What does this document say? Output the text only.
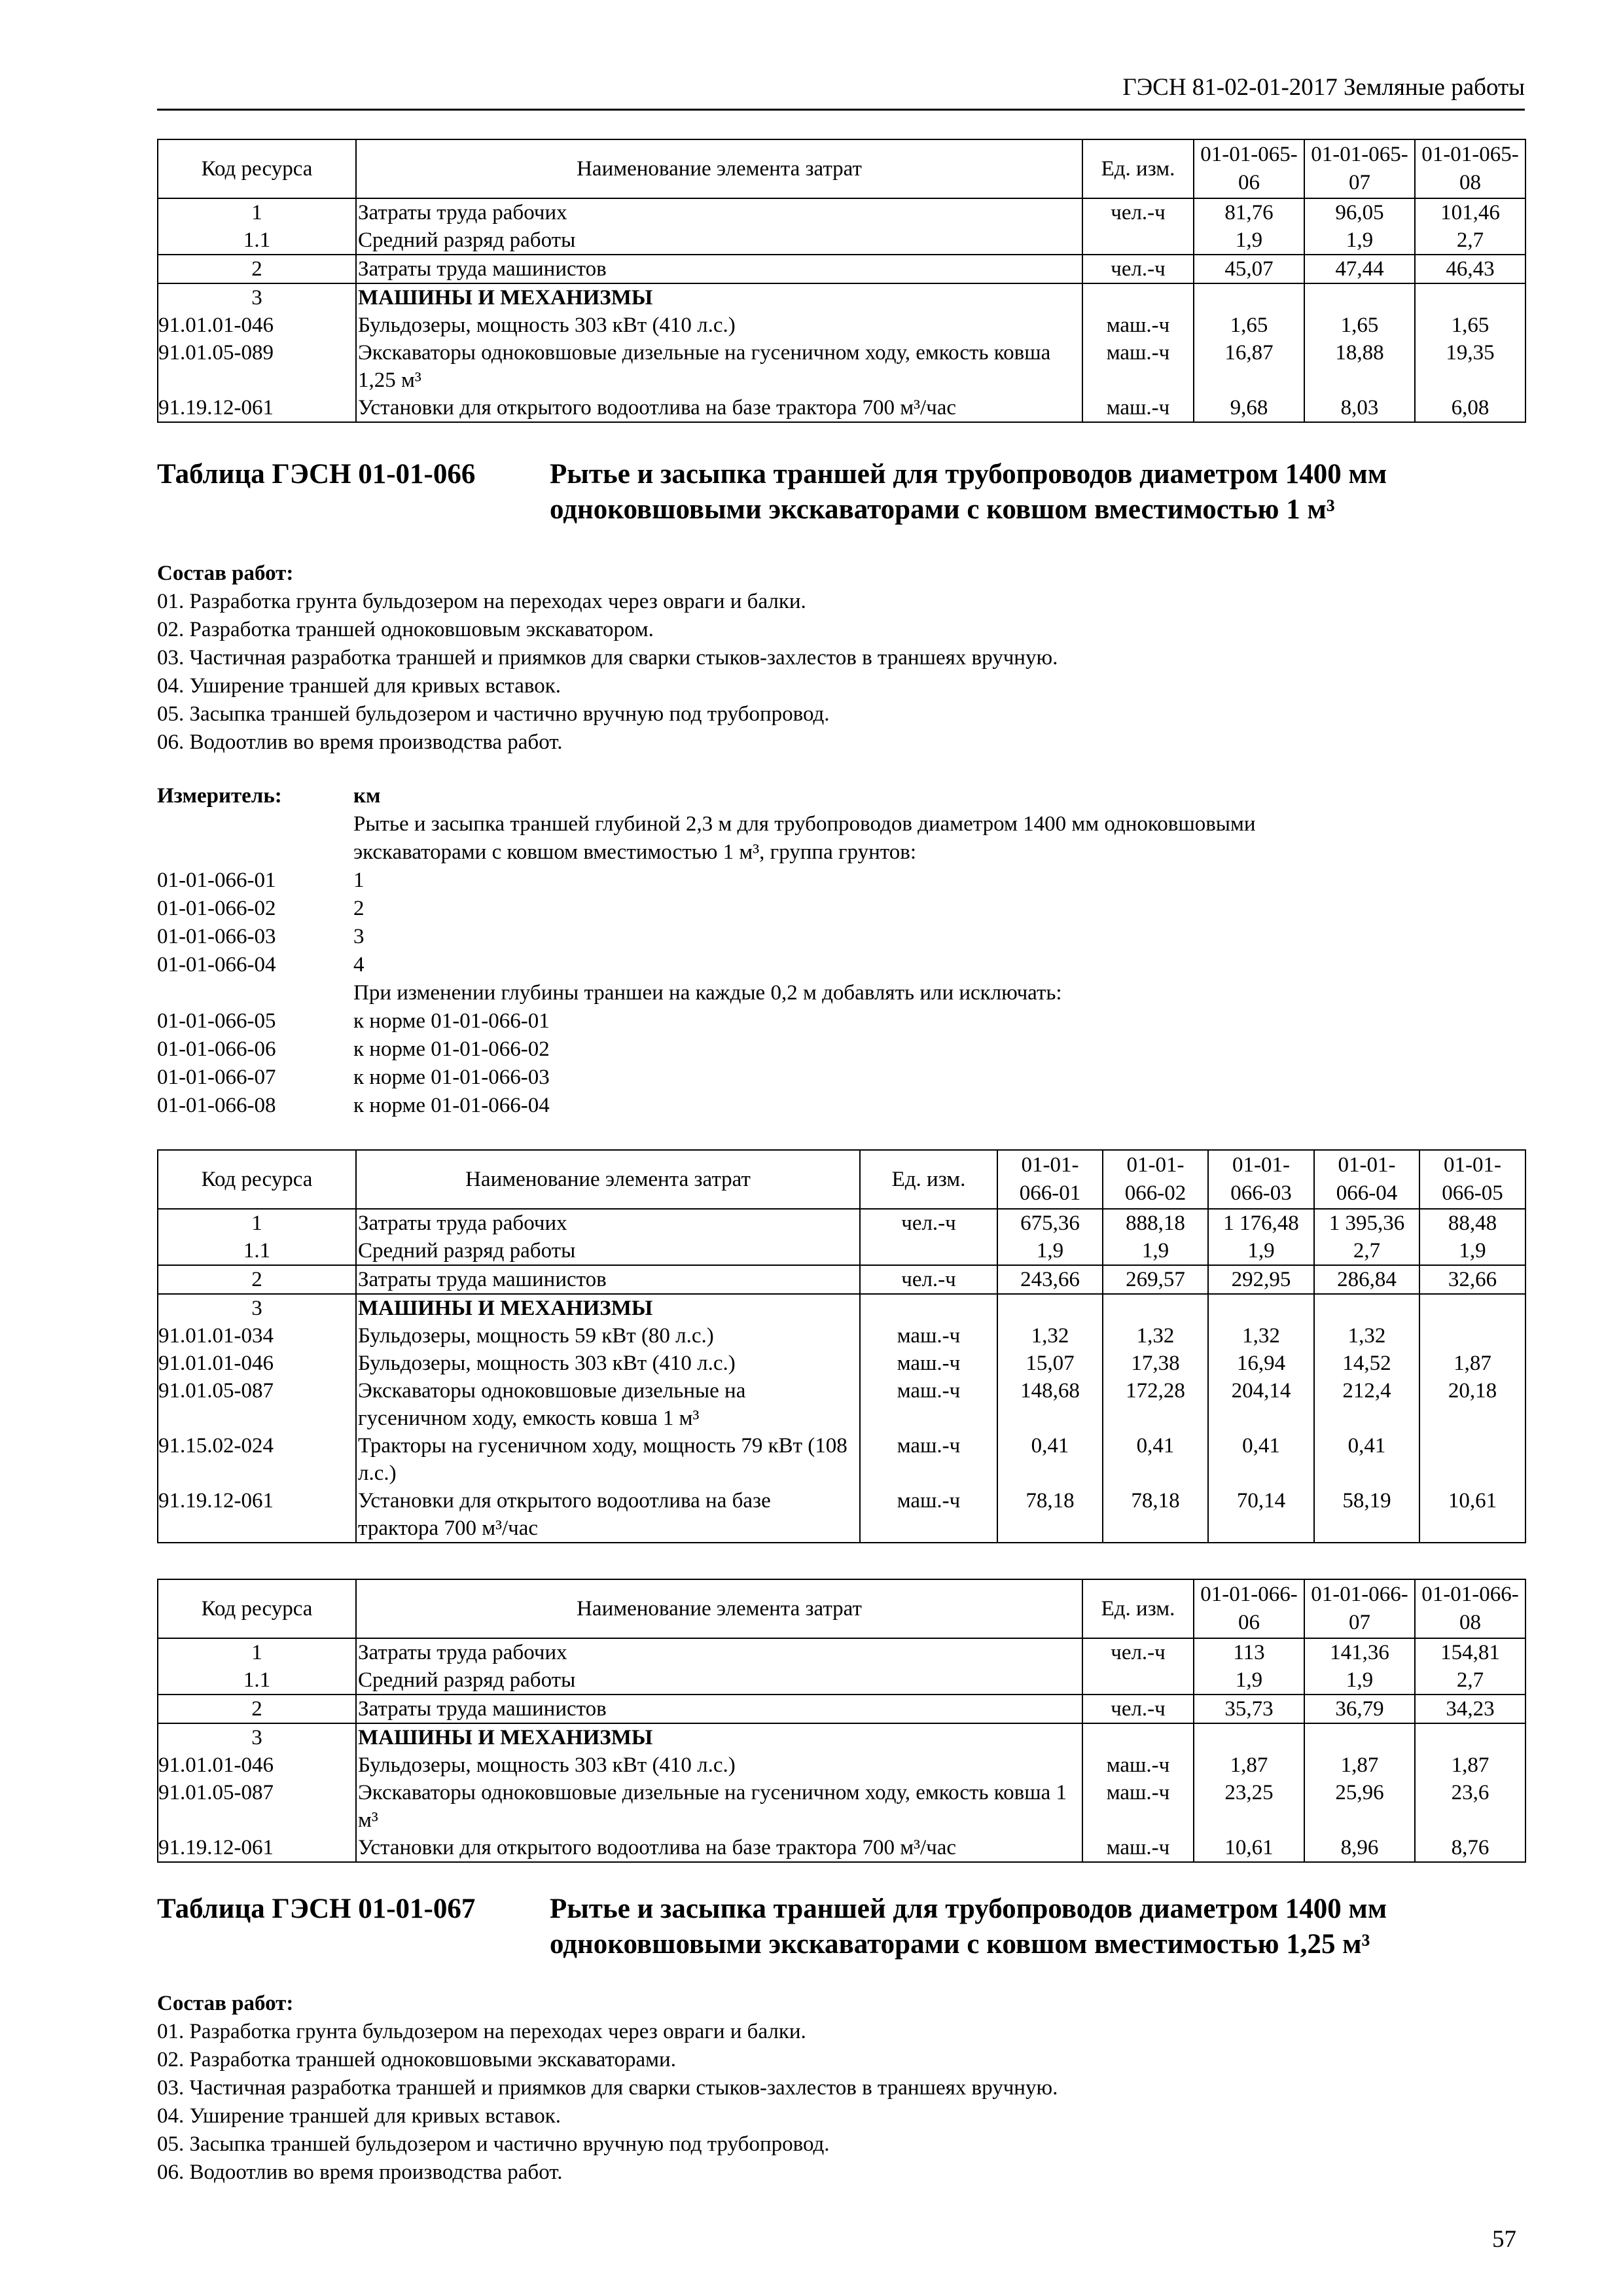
ГЭСН 81-02-01-2017 Земляные работы
Код ресурса	Наименование элемента затрат	Ед. изм.	01-01-065-06	01-01-065-07	01-01-065-08
1	Затраты труда рабочих	чел.-ч	81,76	96,05	101,46
1.1	Средний разряд работы		1,9	1,9	2,7
2	Затраты труда машинистов	чел.-ч	45,07	47,44	46,43
3	МАШИНЫ И МЕХАНИЗМЫ				
91.01.01-046	Бульдозеры, мощность 303 кВт (410 л.с.)	маш.-ч	1,65	1,65	1,65
91.01.05-089	Экскаваторы одноковшовые дизельные на гусеничном ходу, емкость ковша 1,25 м³	маш.-ч	16,87	18,88	19,35
91.19.12-061	Установки для открытого водоотлива на базе трактора 700 м³/час	маш.-ч	9,68	8,03	6,08
Таблица ГЭСН 01-01-066	Рытье и засыпка траншей для трубопроводов диаметром 1400 мм
одноковшовыми экскаваторами с ковшом вместимостью 1 м³
Состав работ:
01. Разработка грунта бульдозером на переходах через овраги и балки.
02. Разработка траншей одноковшовым экскаватором.
03. Частичная разработка траншей и приямков для сварки стыков-захлестов в траншеях вручную.
04. Уширение траншей для кривых вставок.
05. Засыпка траншей бульдозером и частично вручную под трубопровод.
06. Водоотлив во время производства работ.
Измеритель:	км
Рытье и засыпка траншей глубиной 2,3 м для трубопроводов диаметром 1400 мм одноковшовыми
экскаваторами с ковшом вместимостью 1 м³, группа грунтов:
01-01-066-01	1
01-01-066-02	2
01-01-066-03	3
01-01-066-04	4
При изменении глубины траншеи на каждые 0,2 м добавлять или исключать:
01-01-066-05	к норме 01-01-066-01
01-01-066-06	к норме 01-01-066-02
01-01-066-07	к норме 01-01-066-03
01-01-066-08	к норме 01-01-066-04
Код ресурса	Наименование элемента затрат	Ед. изм.	01-01-066-01	01-01-066-02	01-01-066-03	01-01-066-04	01-01-066-05
1	Затраты труда рабочих	чел.-ч	675,36	888,18	1 176,48	1 395,36	88,48
1.1	Средний разряд работы		1,9	1,9	1,9	2,7	1,9
2	Затраты труда машинистов	чел.-ч	243,66	269,57	292,95	286,84	32,66
3	МАШИНЫ И МЕХАНИЗМЫ						
91.01.01-034	Бульдозеры, мощность 59 кВт (80 л.с.)	маш.-ч	1,32	1,32	1,32	1,32	
91.01.01-046	Бульдозеры, мощность 303 кВт (410 л.с.)	маш.-ч	15,07	17,38	16,94	14,52	1,87
91.01.05-087	Экскаваторы одноковшовые дизельные на гусеничном ходу, емкость ковша 1 м³	маш.-ч	148,68	172,28	204,14	212,4	20,18
91.15.02-024	Тракторы на гусеничном ходу, мощность 79 кВт (108 л.с.)	маш.-ч	0,41	0,41	0,41	0,41	
91.19.12-061	Установки для открытого водоотлива на базе трактора 700 м³/час	маш.-ч	78,18	78,18	70,14	58,19	10,61
Код ресурса	Наименование элемента затрат	Ед. изм.	01-01-066-06	01-01-066-07	01-01-066-08
1	Затраты труда рабочих	чел.-ч	113	141,36	154,81
1.1	Средний разряд работы		1,9	1,9	2,7
2	Затраты труда машинистов	чел.-ч	35,73	36,79	34,23
3	МАШИНЫ И МЕХАНИЗМЫ				
91.01.01-046	Бульдозеры, мощность 303 кВт (410 л.с.)	маш.-ч	1,87	1,87	1,87
91.01.05-087	Экскаваторы одноковшовые дизельные на гусеничном ходу, емкость ковша 1 м³	маш.-ч	23,25	25,96	23,6
91.19.12-061	Установки для открытого водоотлива на базе трактора 700 м³/час	маш.-ч	10,61	8,96	8,76
Таблица ГЭСН 01-01-067	Рытье и засыпка траншей для трубопроводов диаметром 1400 мм
одноковшовыми экскаваторами с ковшом вместимостью 1,25 м³
Состав работ:
01. Разработка грунта бульдозером на переходах через овраги и балки.
02. Разработка траншей одноковшовыми экскаваторами.
03. Частичная разработка траншей и приямков для сварки стыков-захлестов в траншеях вручную.
04. Уширение траншей для кривых вставок.
05. Засыпка траншей бульдозером и частично вручную под трубопровод.
06. Водоотлив во время производства работ.
57
